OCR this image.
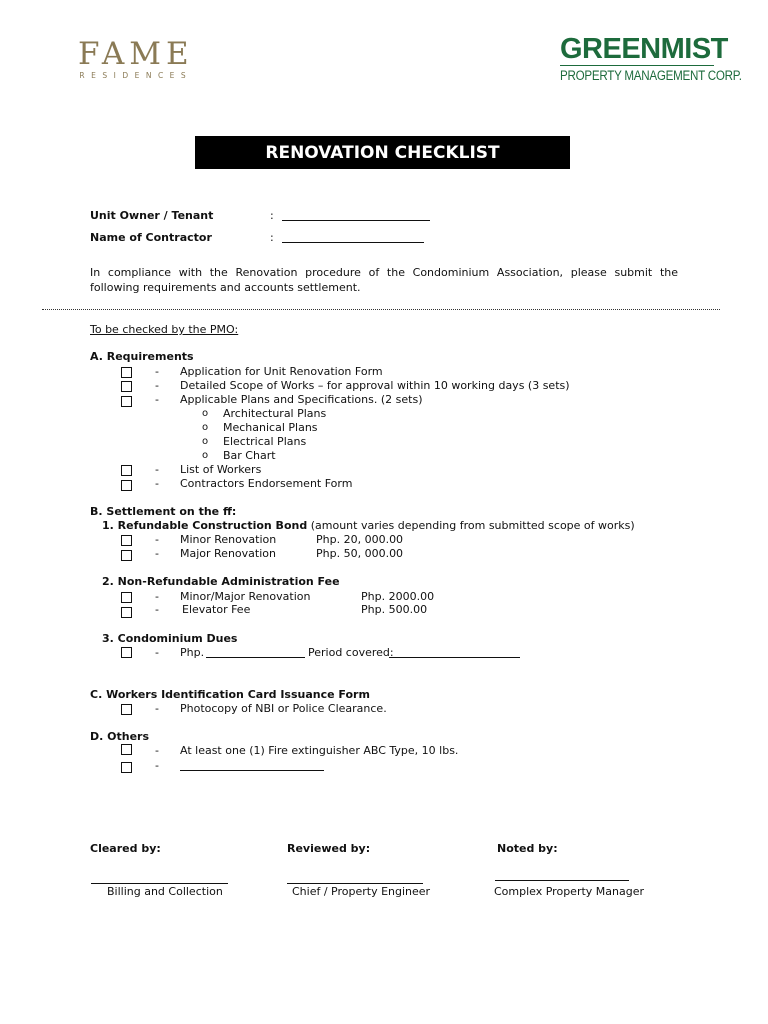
FAME
RESIDENCES
GREENMIST
PROPERTY MANAGEMENT CORP.
RENOVATION CHECKLIST
Unit Owner / Tenant	:
Name of Contractor	:
In compliance with the Renovation procedure of the Condominium Association, please submit the following requirements and accounts settlement.
To be checked by the PMO:
A. Requirements
- Application for Unit Renovation Form
- Detailed Scope of Works – for approval within 10 working days (3 sets)
- Applicable Plans and Specifications. (2 sets)
o Architectural Plans
o Mechanical Plans
o Electrical Plans
o Bar Chart
- List of Workers
- Contractors Endorsement Form
B. Settlement on the ff:
1. Refundable Construction Bond (amount varies depending from submitted scope of works)
- Minor Renovation	Php. 20, 000.00
- Major Renovation	Php. 50, 000.00
2. Non-Refundable Administration Fee
- Minor/Major Renovation	Php. 2000.00
- Elevator Fee	Php. 500.00
3. Condominium Dues
- Php.	Period covered:
C. Workers Identification Card Issuance Form
- Photocopy of NBI or Police Clearance.
D. Others
- At least one (1) Fire extinguisher ABC Type, 10 lbs.
-
Cleared by:	Reviewed by:	Noted by:
Billing and Collection	Chief / Property Engineer	Complex Property Manager
